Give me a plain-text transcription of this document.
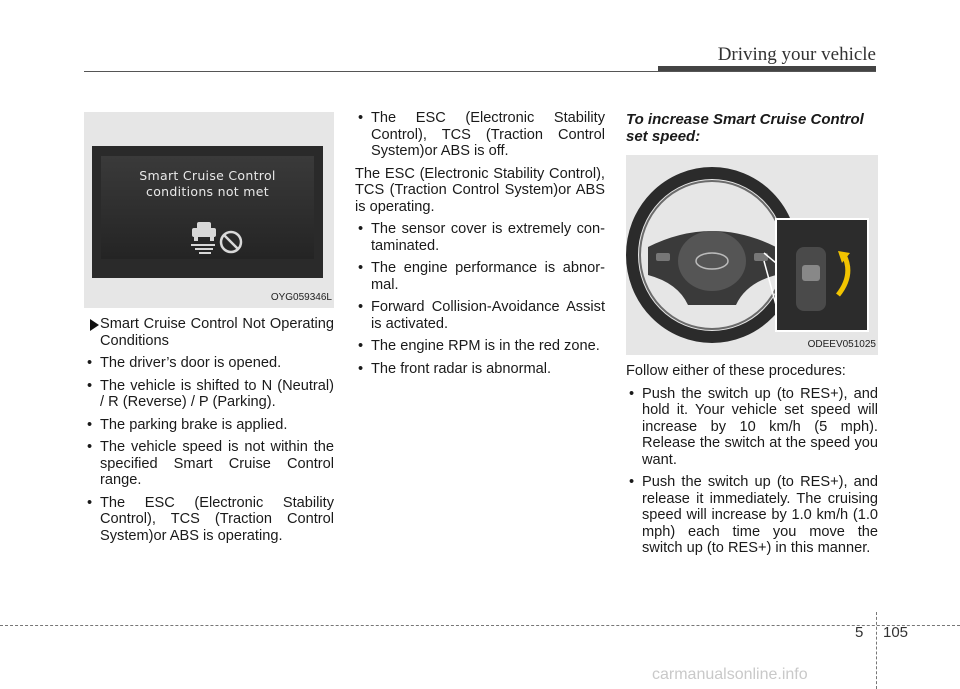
Driving your vehicle
Smart Cruise Control
conditions not met
OYG059346L
Smart Cruise Control Not Operating Conditions
• The driver’s door is opened.
• The vehicle is shifted to N (Neutral) / R (Reverse) / P (Parking).
• The parking brake is applied.
• The vehicle speed is not within the specified Smart Cruise Control range.
• The ESC (Electronic Stability Control), TCS (Traction Control System)or ABS is operating.
• The ESC (Electronic Stability Control), TCS (Traction Control System)or ABS is off.
The ESC (Electronic Stability Control), TCS (Traction Control System)or ABS is operating.
• The sensor cover is extremely contaminated.
• The engine performance is abnormal.
• Forward Collision-Avoidance Assist is activated.
• The engine RPM is in the red zone.
• The front radar is abnormal.
To increase Smart Cruise Control set speed:
ODEEV051025
Follow either of these procedures:
• Push the switch up (to RES+), and hold it. Your vehicle set speed will increase by 10 km/h (5 mph). Release the switch at the speed you want.
• Push the switch up (to RES+), and release it immediately. The cruising speed will increase by 1.0 km/h (1.0 mph) each time you move the switch up (to RES+) in this manner.
5 105
carmanualsonline.info
